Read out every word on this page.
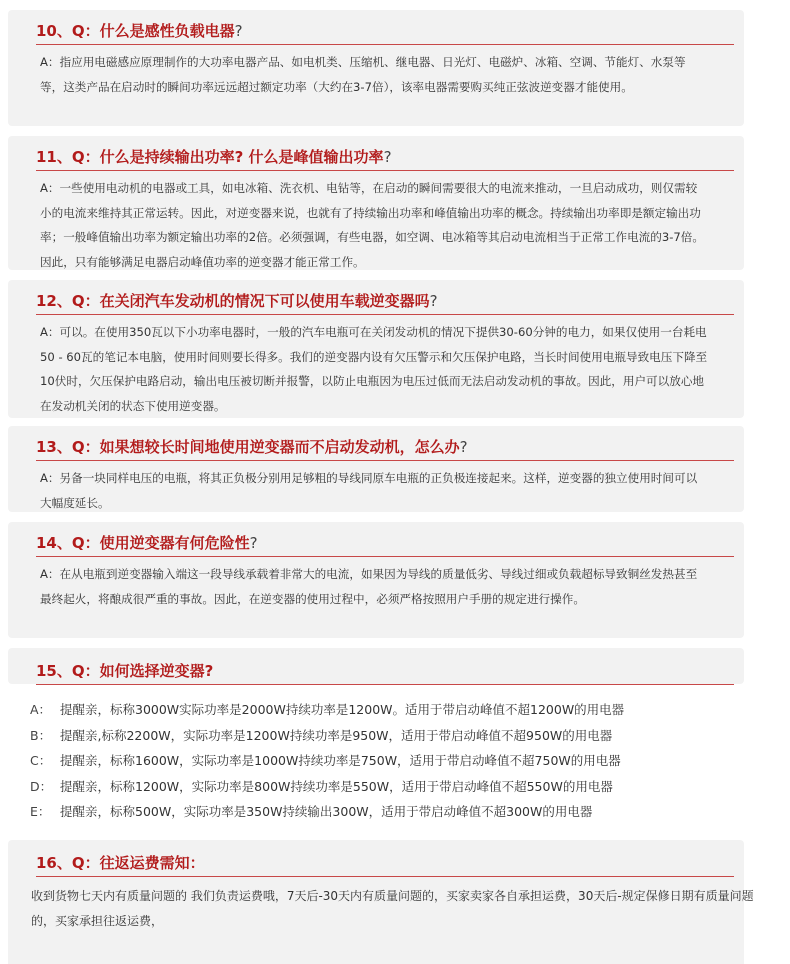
10、Q：什么是感性负载电器?
A：指应用电磁感应原理制作的大功率电器产品、如电机类、压缩机、继电器、日光灯、电磁炉、冰箱、空调、节能灯、水泵等等，这类产品在启动时的瞬间功率远远超过额定功率（大约在3-7倍），该率电器需要购买纯正弦波逆变器才能使用。
11、Q：什么是持续输出功率? 什么是峰值输出功率?
A：一些使用电动机的电器或工具，如电冰箱、洗衣机、电钻等，在启动的瞬间需要很大的电流来推动，一旦启动成功，则仅需较小的电流来维持其正常运转。因此，对逆变器来说，也就有了持续输出功率和峰值输出功率的概念。持续输出功率即是额定输出功率；一般峰值输出功率为额定输出功率的2倍。必须强调，有些电器，如空调、电冰箱等其启动电流相当于正常工作电流的3-7倍。因此，只有能够满足电器启动峰值功率的逆变器才能正常工作。
12、Q：在关闭汽车发动机的情况下可以使用车载逆变器吗?
A：可以。在使用350瓦以下小功率电器时，一般的汽车电瓶可在关闭发动机的情况下提供30-60分钟的电力，如果仅使用一台耗电50 - 60瓦的笔记本电脑，使用时间则要长得多。我们的逆变器内设有欠压警示和欠压保护电路，当长时间使用电瓶导致电压下降至10伏时，欠压保护电路启动，输出电压被切断并报警，以防止电瓶因为电压过低而无法启动发动机的事故。因此，用户可以放心地在发动机关闭的状态下使用逆变器。
13、Q：如果想较长时间地使用逆变器而不启动发动机，怎么办?
A：另备一块同样电压的电瓶，将其正负极分别用足够粗的导线同原车电瓶的正负极连接起来。这样，逆变器的独立使用时间可以大幅度延长。
14、Q：使用逆变器有何危险性?
A：在从电瓶到逆变器输入端这一段导线承载着非常大的电流，如果因为导线的质量低劣、导线过细或负载超标导致铜丝发热甚至最终起火，将酿成很严重的事故。因此，在逆变器的使用过程中，必须严格按照用户手册的规定进行操作。
15、Q：如何选择逆变器?
A： 提醒亲，标称3000W实际功率是2000W持续功率是1200W。适用于带启动峰值不超1200W的用电器
B： 提醒亲,标称2200W，实际功率是1200W持续功率是950W，适用于带启动峰值不超950W的用电器
C： 提醒亲，标称1600W，实际功率是1000W持续功率是750W，适用于带启动峰值不超750W的用电器
D： 提醒亲，标称1200W，实际功率是800W持续功率是550W，适用于带启动峰值不超550W的用电器
E： 提醒亲，标称500W，实际功率是350W持续输出300W，适用于带启动峰值不超300W的用电器
16、Q：往返运费需知：
收到货物七天内有质量问题的 我们负责运费哦，7天后-30天内有质量问题的，买家卖家各自承担运费，30天后-规定保修日期有质量问题的，买家承担往返运费，
